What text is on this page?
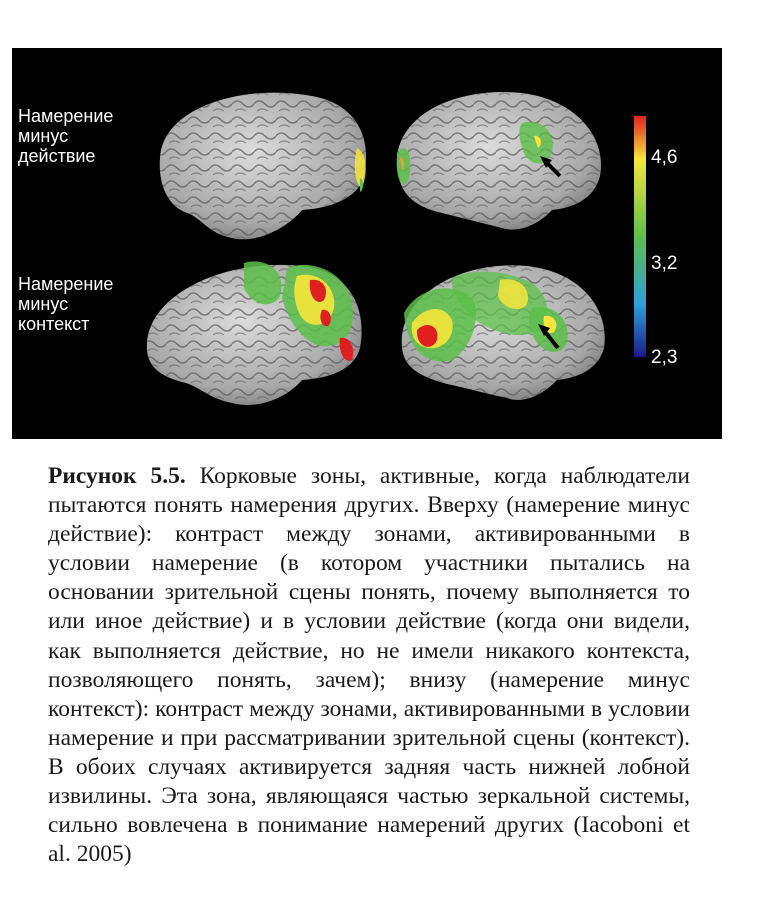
Намерение
минус
действие
Намерение
минус
контекст
4,6
3,2
2,3

Рисунок 5.5. Корковые зоны, активные, когда наблюдатели пытаются понять намерения других. Вверху (намерение минус действие): контраст между зонами, активированными в условии намерение (в котором участники пытались на основании зрительной сцены понять, почему выполняется то или иное действие) и в условии действие (когда они видели, как выполняется действие, но не имели никакого контекста, позволяющего понять, зачем); внизу (намерение минус контекст): контраст между зонами, активированными в условии намерение и при рассматривании зрительной сцены (контекст). В обоих случаях активируется задняя часть нижней лобной извилины. Эта зона, являющаяся частью зеркальной системы, сильно вовлечена в понимание намерений других (Iacoboni et al. 2005)
